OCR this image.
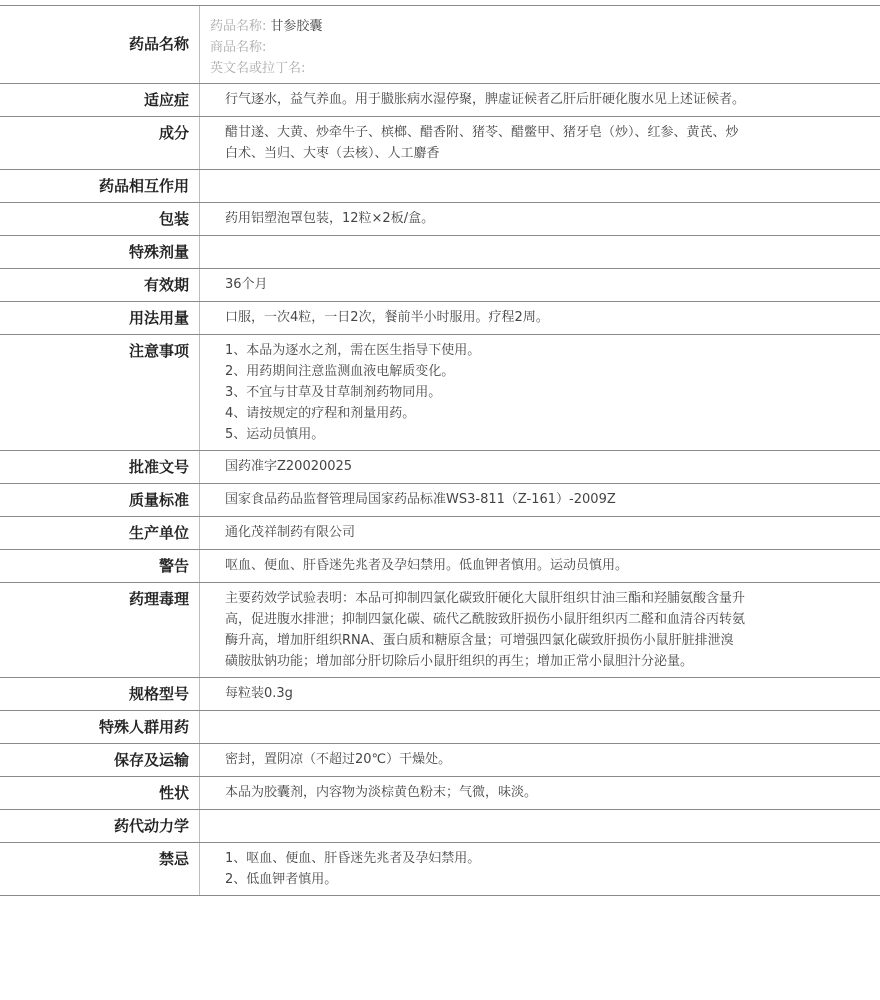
药品名称
药品名称: 甘参胶囊
商品名称:
英文名或拉丁名:
适应症	行气逐水，益气养血。用于臌胀病水湿停聚，脾虚证候者乙肝后肝硬化腹水见上述证候者。
成分	醋甘遂、大黄、炒牵牛子、槟榔、醋香附、猪苓、醋鳖甲、猪牙皂（炒）、红参、黄芪、炒
白术、当归、大枣（去核）、人工麝香
药品相互作用
包装	药用铝塑泡罩包装，12粒×2板/盒。
特殊剂量
有效期	36个月
用法用量	口服，一次4粒，一日2次，餐前半小时服用。疗程2周。
注意事项	1、本品为逐水之剂，需在医生指导下使用。
2、用药期间注意监测血液电解质变化。
3、不宜与甘草及甘草制剂药物同用。
4、请按规定的疗程和剂量用药。
5、运动员慎用。
批准文号	国药准字Z20020025
质量标准	国家食品药品监督管理局国家药品标准WS3-811（Z-161）-2009Z
生产单位	通化茂祥制药有限公司
警告	呕血、便血、肝昏迷先兆者及孕妇禁用。低血钾者慎用。运动员慎用。
药理毒理	主要药效学试验表明：本品可抑制四氯化碳致肝硬化大鼠肝组织甘油三酯和羟脯氨酸含量升
高，促进腹水排泄；抑制四氯化碳、硫代乙酰胺致肝损伤小鼠肝组织丙二醛和血清谷丙转氨
酶升高，增加肝组织RNA、蛋白质和糖原含量；可增强四氯化碳致肝损伤小鼠肝脏排泄溴
磺胺肽钠功能；增加部分肝切除后小鼠肝组织的再生；增加正常小鼠胆汁分泌量。
规格型号	每粒装0.3g
特殊人群用药
保存及运输	密封，置阴凉（不超过20℃）干燥处。
性状	本品为胶囊剂，内容物为淡棕黄色粉末；气微，味淡。
药代动力学
禁忌	1、呕血、便血、肝昏迷先兆者及孕妇禁用。
2、低血钾者慎用。
